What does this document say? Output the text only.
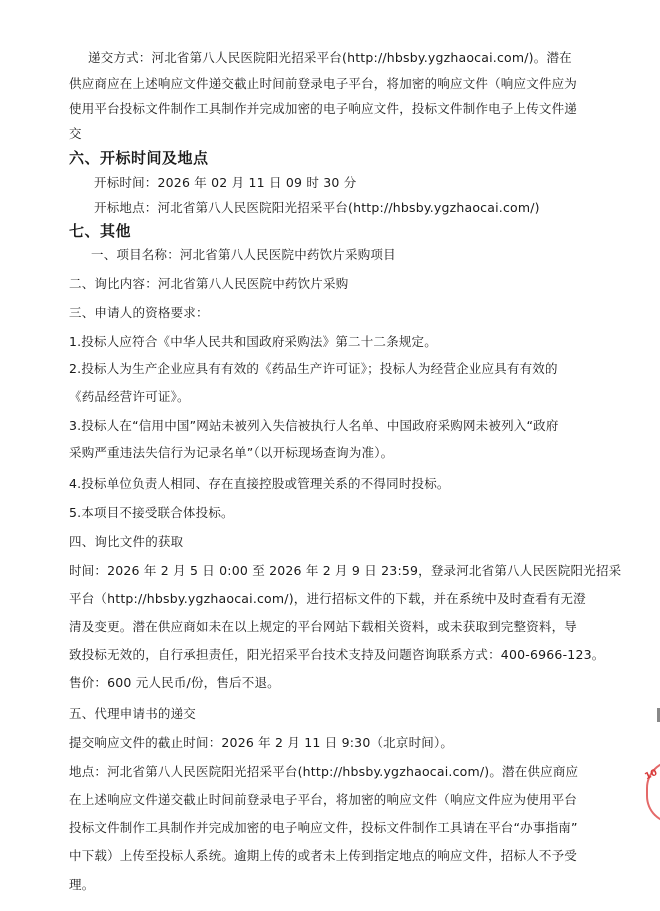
递交方式：河北省第八人民医院阳光招采平台(http://hbsby.ygzhaocai.com/)。潜在
供应商应在上述响应文件递交截止时间前登录电子平台，将加密的响应文件（响应文件应为
使用平台投标文件制作工具制作并完成加密的电子响应文件，投标文件制作电子上传文件递
交
六、开标时间及地点
开标时间：2026 年 02 月 11 日 09 时 30 分
开标地点：河北省第八人民医院阳光招采平台(http://hbsby.ygzhaocai.com/)
七、其他
一、项目名称：河北省第八人民医院中药饮片采购项目
二、询比内容：河北省第八人民医院中药饮片采购
三、申请人的资格要求：
1.投标人应符合《中华人民共和国政府采购法》第二十二条规定。
2.投标人为生产企业应具有有效的《药品生产许可证》；投标人为经营企业应具有有效的
《药品经营许可证》。
3.投标人在“信用中国”网站未被列入失信被执行人名单、中国政府采购网未被列入“政府
采购严重违法失信行为记录名单”（以开标现场查询为准）。
4.投标单位负责人相同、存在直接控股或管理关系的不得同时投标。
5.本项目不接受联合体投标。
四、询比文件的获取
时间：2026 年 2 月 5 日 0:00 至 2026 年 2 月 9 日 23:59，登录河北省第八人民医院阳光招采
平台（http://hbsby.ygzhaocai.com/)，进行招标文件的下载，并在系统中及时查看有无澄
清及变更。潜在供应商如未在以上规定的平台网站下载相关资料，或未获取到完整资料，导
致投标无效的，自行承担责任，阳光招采平台技术支持及问题咨询联系方式：400-6966-123。
售价：600 元人民币/份，售后不退。
五、代理申请书的递交
提交响应文件的截止时间：2026 年 2 月 11 日 9:30（北京时间）。
地点：河北省第八人民医院阳光招采平台(http://hbsby.ygzhaocai.com/)。潜在供应商应
在上述响应文件递交截止时间前登录电子平台，将加密的响应文件（响应文件应为使用平台
投标文件制作工具制作并完成加密的电子响应文件，投标文件制作工具请在平台“办事指南”
中下载）上传至投标人系统。逾期上传的或者未上传到指定地点的响应文件，招标人不予受
理。
10
